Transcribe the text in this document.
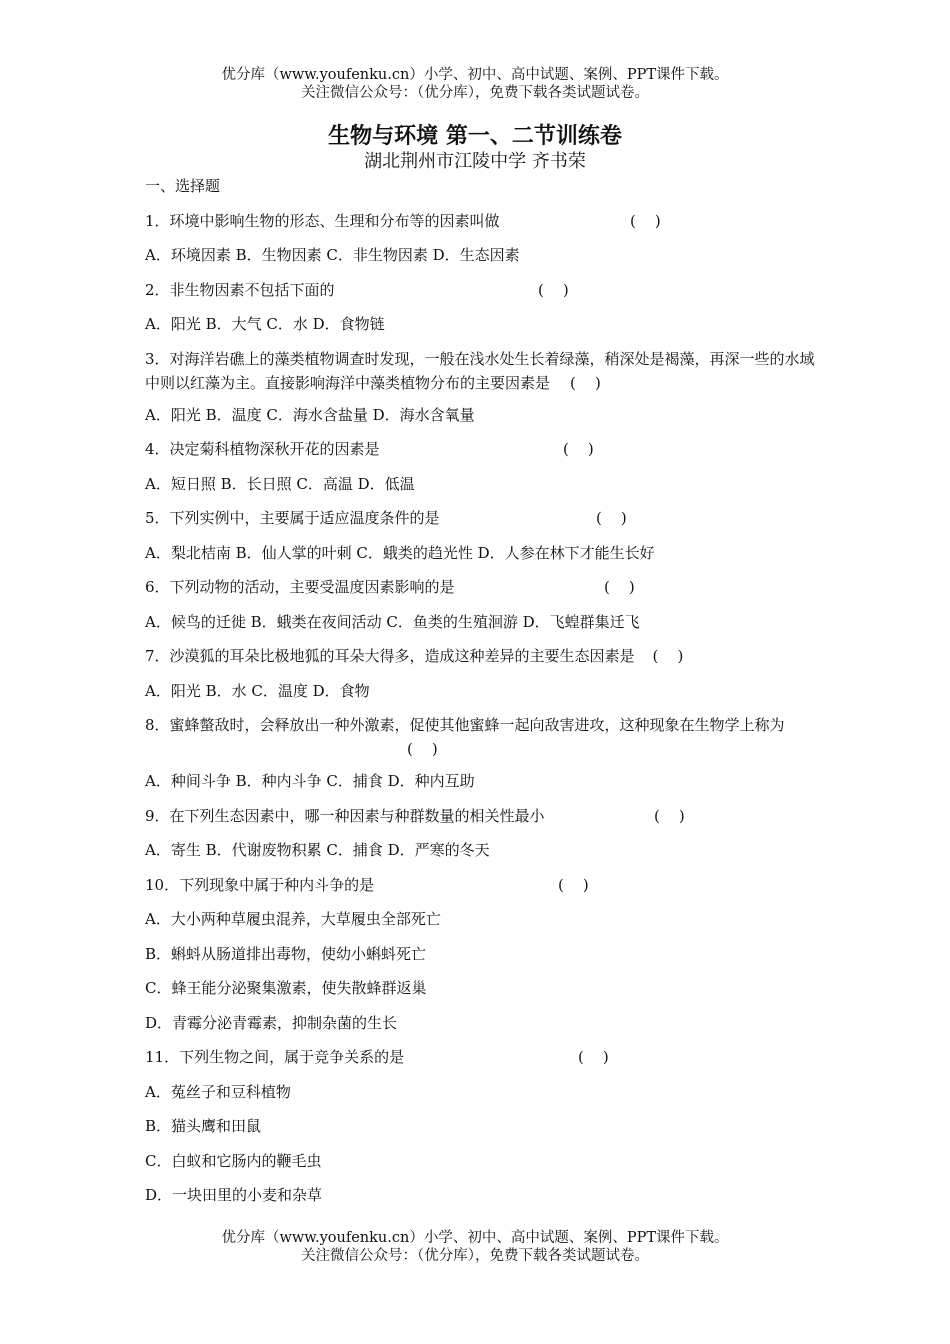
优分库（www.youfenku.cn）小学、初中、高中试题、案例、PPT课件下载。
关注微信公众号：（优分库），免费下载各类试题试卷。
生物与环境 第一、二节训练卷
湖北荆州市江陵中学 齐书荣
一、选择题
1．环境中影响生物的形态、生理和分布等的因素叫做	(    )
A．环境因素 B．生物因素 C．非生物因素 D．生态因素
2．非生物因素不包括下面的	(    )
A．阳光 B．大气 C．水 D．食物链
3．对海洋岩礁上的藻类植物调查时发现，一般在浅水处生长着绿藻，稍深处是褐藻，再深一些的水域中则以红藻为主。直接影响海洋中藻类植物分布的主要因素是 (    )
A．阳光 B．温度 C．海水含盐量 D．海水含氧量
4．决定菊科植物深秋开花的因素是	(    )
A．短日照 B．长日照 C．高温 D．低温
5．下列实例中，主要属于适应温度条件的是	(    )
A．梨北桔南 B．仙人掌的叶刺 C．蛾类的趋光性 D．人参在林下才能生长好
6．下列动物的活动，主要受温度因素影响的是	(    )
A．候鸟的迁徙 B．蛾类在夜间活动 C．鱼类的生殖洄游 D．飞蝗群集迁飞
7．沙漠狐的耳朵比极地狐的耳朵大得多，造成这种差异的主要生态因素是 (    )
A．阳光 B．水 C．温度 D．食物
8．蜜蜂螫敌时，会释放出一种外激素，促使其他蜜蜂一起向敌害进攻，这种现象在生物学上称为(    )
A．种间斗争 B．种内斗争 C．捕食 D．种内互助
9．在下列生态因素中，哪一种因素与种群数量的相关性最小	(    )
A．寄生 B．代谢废物积累 C．捕食 D．严寒的冬天
10．下列现象中属于种内斗争的是	(    )
A．大小两种草履虫混养，大草履虫全部死亡
B．蝌蚪从肠道排出毒物，使幼小蝌蚪死亡
C．蜂王能分泌聚集激素，使失散蜂群返巢
D．青霉分泌青霉素，抑制杂菌的生长
11．下列生物之间，属于竞争关系的是	(    )
A．菟丝子和豆科植物
B．猫头鹰和田鼠
C．白蚁和它肠内的鞭毛虫
D．一块田里的小麦和杂草
优分库（www.youfenku.cn）小学、初中、高中试题、案例、PPT课件下载。
关注微信公众号：（优分库），免费下载各类试题试卷。
